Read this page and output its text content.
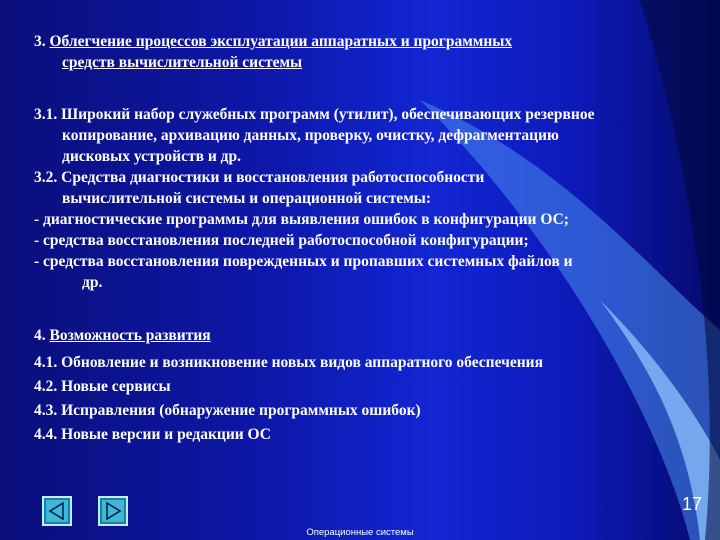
3. Облегчение процессов эксплуатации аппаратных и программных
средств вычислительной системы
3.1. Широкий набор служебных программ (утилит), обеспечивающих резервное
копирование, архивацию данных, проверку, очистку, дефрагментацию
дисковых устройств и др.
3.2. Средства диагностики и восстановления работоспособности
вычислительной системы и операционной системы:
- диагностические программы для выявления ошибок в конфигурации ОС;
- средства восстановления последней работоспособной конфигурации;
- средства восстановления поврежденных и пропавших системных файлов и
др.
4. Возможность развития
4.1. Обновление и возникновение новых видов аппаратного обеспечения
4.2. Новые сервисы
4.3. Исправления (обнаружение программных ошибок)
4.4. Новые версии и редакции ОС
17
Операционные системы
